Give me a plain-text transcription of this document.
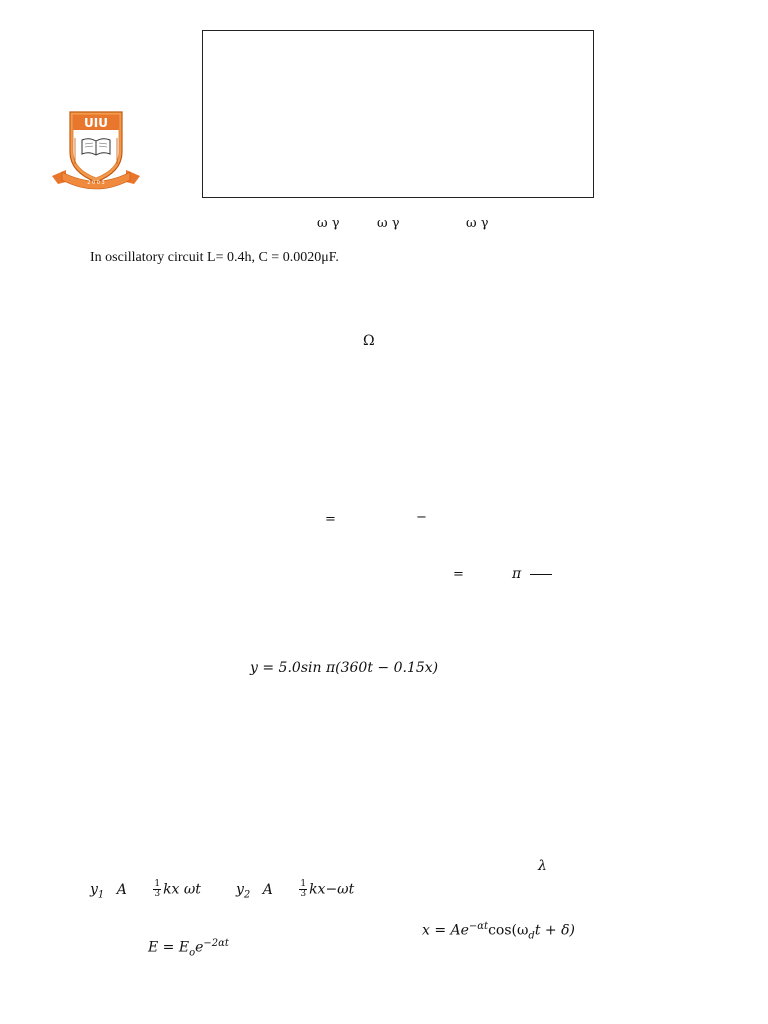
UIU
2 0 0 3
ω γ	ω γ	ω γ
In oscillatory circuit L= 0.4h, C = 0.0020μF.
Ω
=	−
=	π
y = 5.0sin π(360t − 0.15x)
λ
$y_1$ A	$\frac{1}{3}$ kx ωt	$y_2$ A	$\frac{1}{3} kx-\omega t$
$x = Ae^{-\alpha t}\cos(\omega_dt + \delta)$
$E = E_oe^{-2\alpha t}$
